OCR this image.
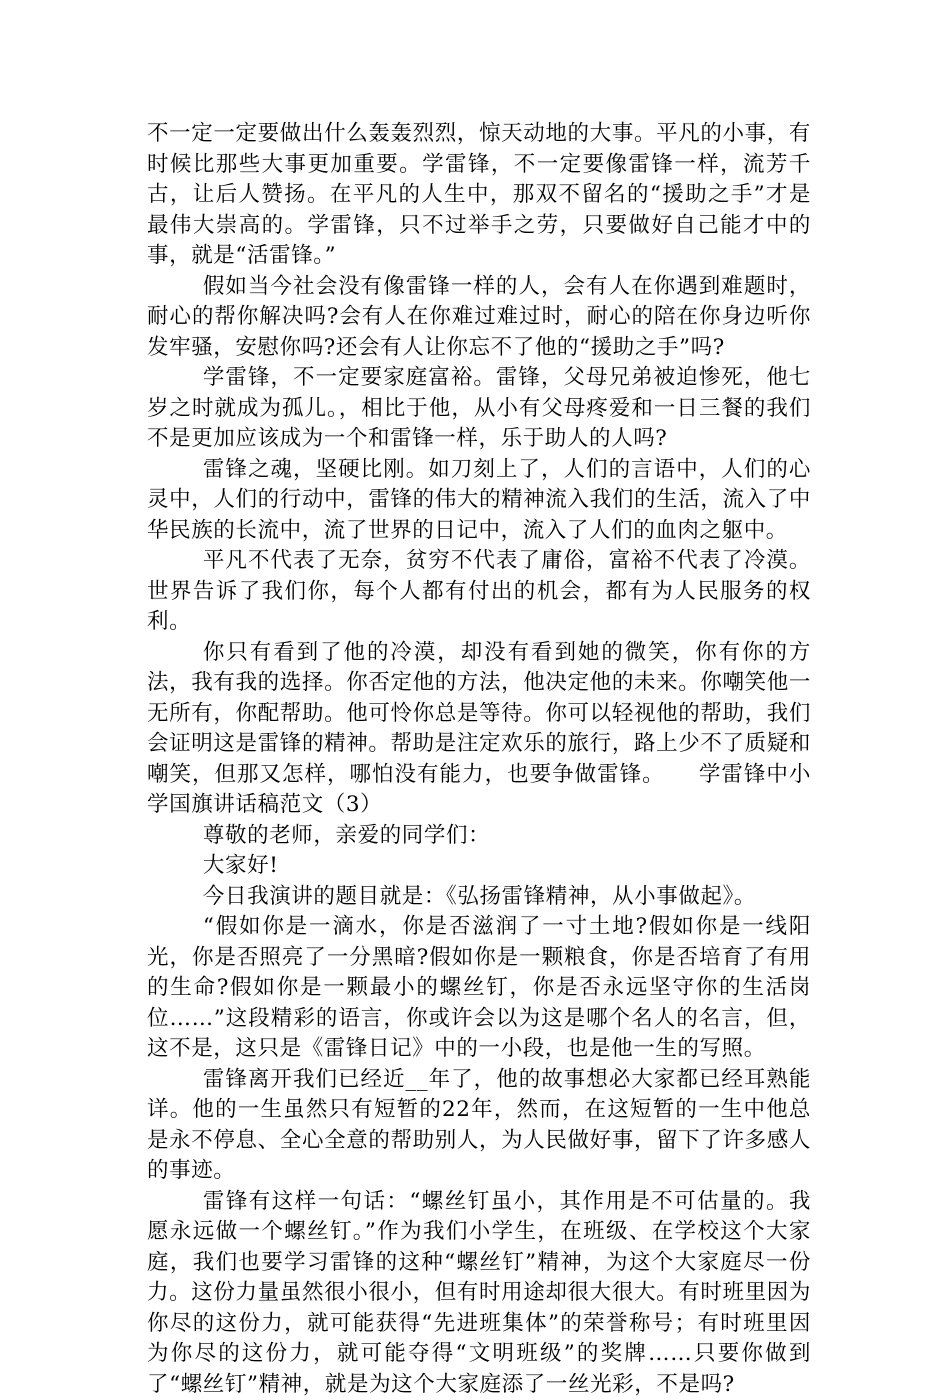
不一定一定要做出什么轰轰烈烈，惊天动地的大事。平凡的小事，有时候比那些大事更加重要。学雷锋，不一定要像雷锋一样，流芳千古，让后人赞扬。在平凡的人生中，那双不留名的“援助之手”才是最伟大崇高的。学雷锋，只不过举手之劳，只要做好自己能才中的事，就是“活雷锋。”

假如当今社会没有像雷锋一样的人，会有人在你遇到难题时，耐心的帮你解决吗?会有人在你难过难过时，耐心的陪在你身边听你发牢骚，安慰你吗?还会有人让你忘不了他的“援助之手”吗?

学雷锋，不一定要家庭富裕。雷锋，父母兄弟被迫惨死，他七岁之时就成为孤儿。，相比于他，从小有父母疼爱和一日三餐的我们不是更加应该成为一个和雷锋一样，乐于助人的人吗?

雷锋之魂，坚硬比刚。如刀刻上了，人们的言语中，人们的心灵中，人们的行动中，雷锋的伟大的精神流入我们的生活，流入了中华民族的长流中，流了世界的日记中，流入了人们的血肉之躯中。

平凡不代表了无奈，贫穷不代表了庸俗，富裕不代表了冷漠。世界告诉了我们你，每个人都有付出的机会，都有为人民服务的权利。

你只有看到了他的冷漠，却没有看到她的微笑，你有你的方法，我有我的选择。你否定他的方法，他决定他的未来。你嘲笑他一无所有，你配帮助。他可怜你总是等待。你可以轻视他的帮助，我们会证明这是雷锋的精神。帮助是注定欢乐的旅行，路上少不了质疑和嘲笑，但那又怎样，哪怕没有能力，也要争做雷锋。　　学雷锋中小学国旗讲话稿范文（3）

尊敬的老师，亲爱的同学们：

大家好!

今日我演讲的题目就是：《弘扬雷锋精神，从小事做起》。

“假如你是一滴水，你是否滋润了一寸土地?假如你是一线阳光，你是否照亮了一分黑暗?假如你是一颗粮食，你是否培育了有用的生命?假如你是一颗最小的螺丝钉，你是否永远坚守你的生活岗位……”这段精彩的语言，你或许会以为这是哪个名人的名言，但，这不是，这只是《雷锋日记》中的一小段，也是他一生的写照。

雷锋离开我们已经近__年了，他的故事想必大家都已经耳熟能详。他的一生虽然只有短暂的22年，然而，在这短暂的一生中他总是永不停息、全心全意的帮助别人，为人民做好事，留下了许多感人的事迹。

雷锋有这样一句话：“螺丝钉虽小，其作用是不可估量的。我愿永远做一个螺丝钉。”作为我们小学生，在班级、在学校这个大家庭，我们也要学习雷锋的这种“螺丝钉”精神，为这个大家庭尽一份力。这份力量虽然很小很小，但有时用途却很大很大。有时班里因为你尽的这份力，就可能获得“先进班集体”的荣誉称号；有时班里因为你尽的这份力，就可能夺得“文明班级”的奖牌……只要你做到了“螺丝钉”精神，就是为这个大家庭添了一丝光彩，不是吗?
